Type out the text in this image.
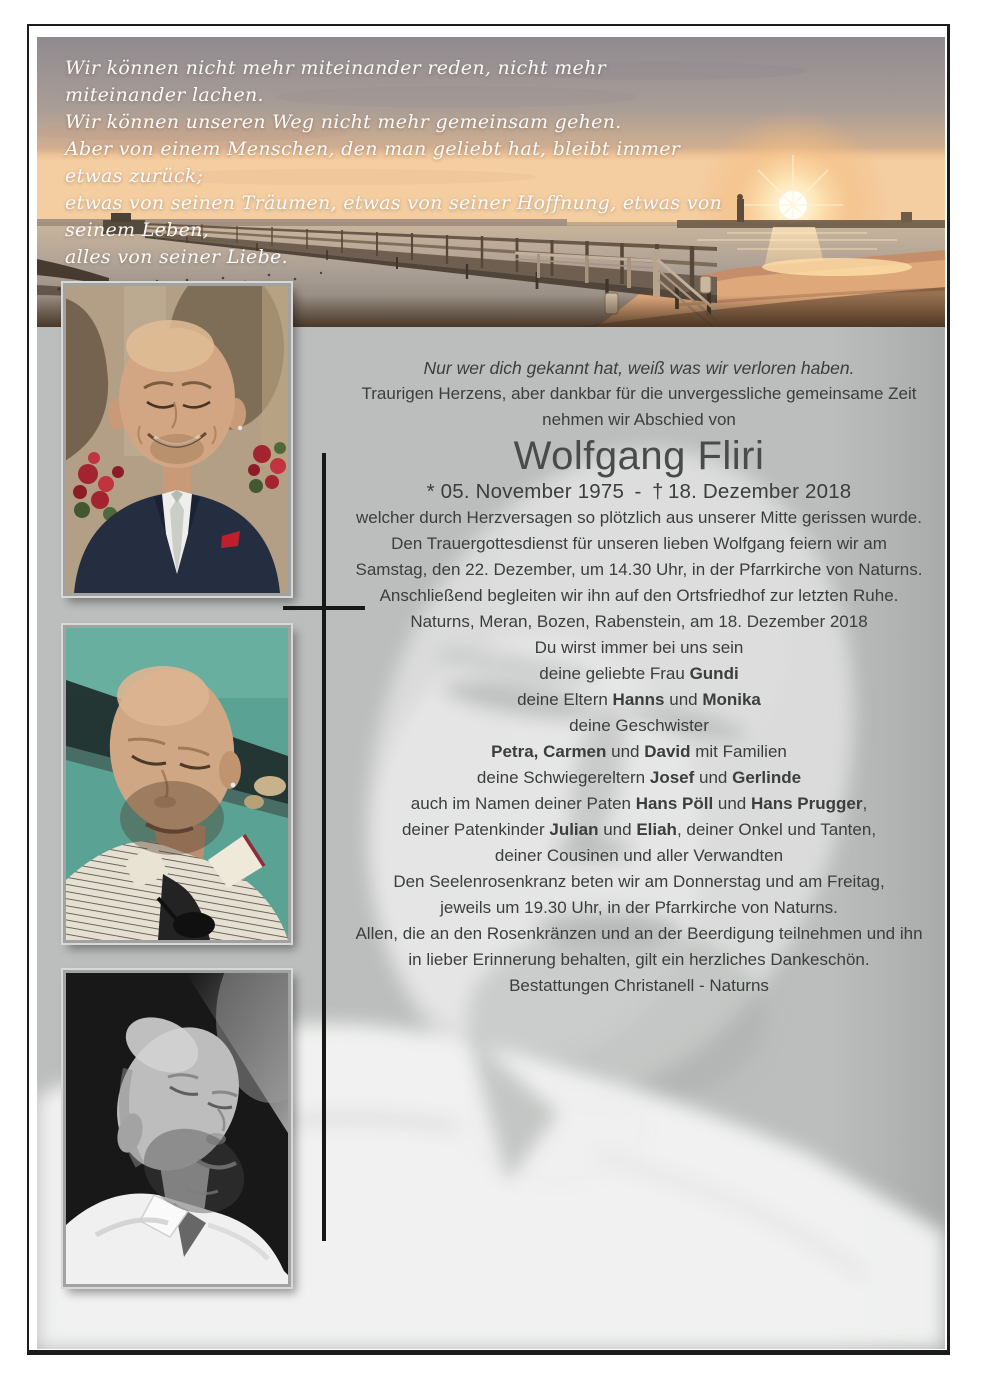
Wir können nicht mehr miteinander reden, nicht mehr miteinander lachen.
Wir können unseren Weg nicht mehr gemeinsam gehen.
Aber von einem Menschen, den man geliebt hat, bleibt immer etwas zurück;
etwas von seinen Träumen, etwas von seiner Hoffnung, etwas von seinem Leben,
alles von seiner Liebe.

Nur wer dich gekannt hat, weiß was wir verloren haben.

Traurigen Herzens, aber dankbar für die unvergessliche gemeinsame Zeit
nehmen wir Abschied von

Wolfgang Fliri

* 05. November 1975 - † 18. Dezember 2018

welcher durch Herzversagen so plötzlich aus unserer Mitte gerissen wurde.

Den Trauergottesdienst für unseren lieben Wolfgang feiern wir am
Samstag, den 22. Dezember, um 14.30 Uhr, in der Pfarrkirche von Naturns.
Anschließend begleiten wir ihn auf den Ortsfriedhof zur letzten Ruhe.

Naturns, Meran, Bozen, Rabenstein, am 18. Dezember 2018

Du wirst immer bei uns sein

deine geliebte Frau Gundi

deine Eltern Hanns und Monika

deine Geschwister
Petra, Carmen und David mit Familien

deine Schwiegereltern Josef und Gerlinde

auch im Namen deiner Paten Hans Pöll und Hans Prugger,
deiner Patenkinder Julian und Eliah, deiner Onkel und Tanten,
deiner Cousinen und aller Verwandten

Den Seelenrosenkranz beten wir am Donnerstag und am Freitag,
jeweils um 19.30 Uhr, in der Pfarrkirche von Naturns.

Allen, die an den Rosenkränzen und an der Beerdigung teilnehmen und ihn
in lieber Erinnerung behalten, gilt ein herzliches Dankeschön.

Bestattungen Christanell - Naturns
